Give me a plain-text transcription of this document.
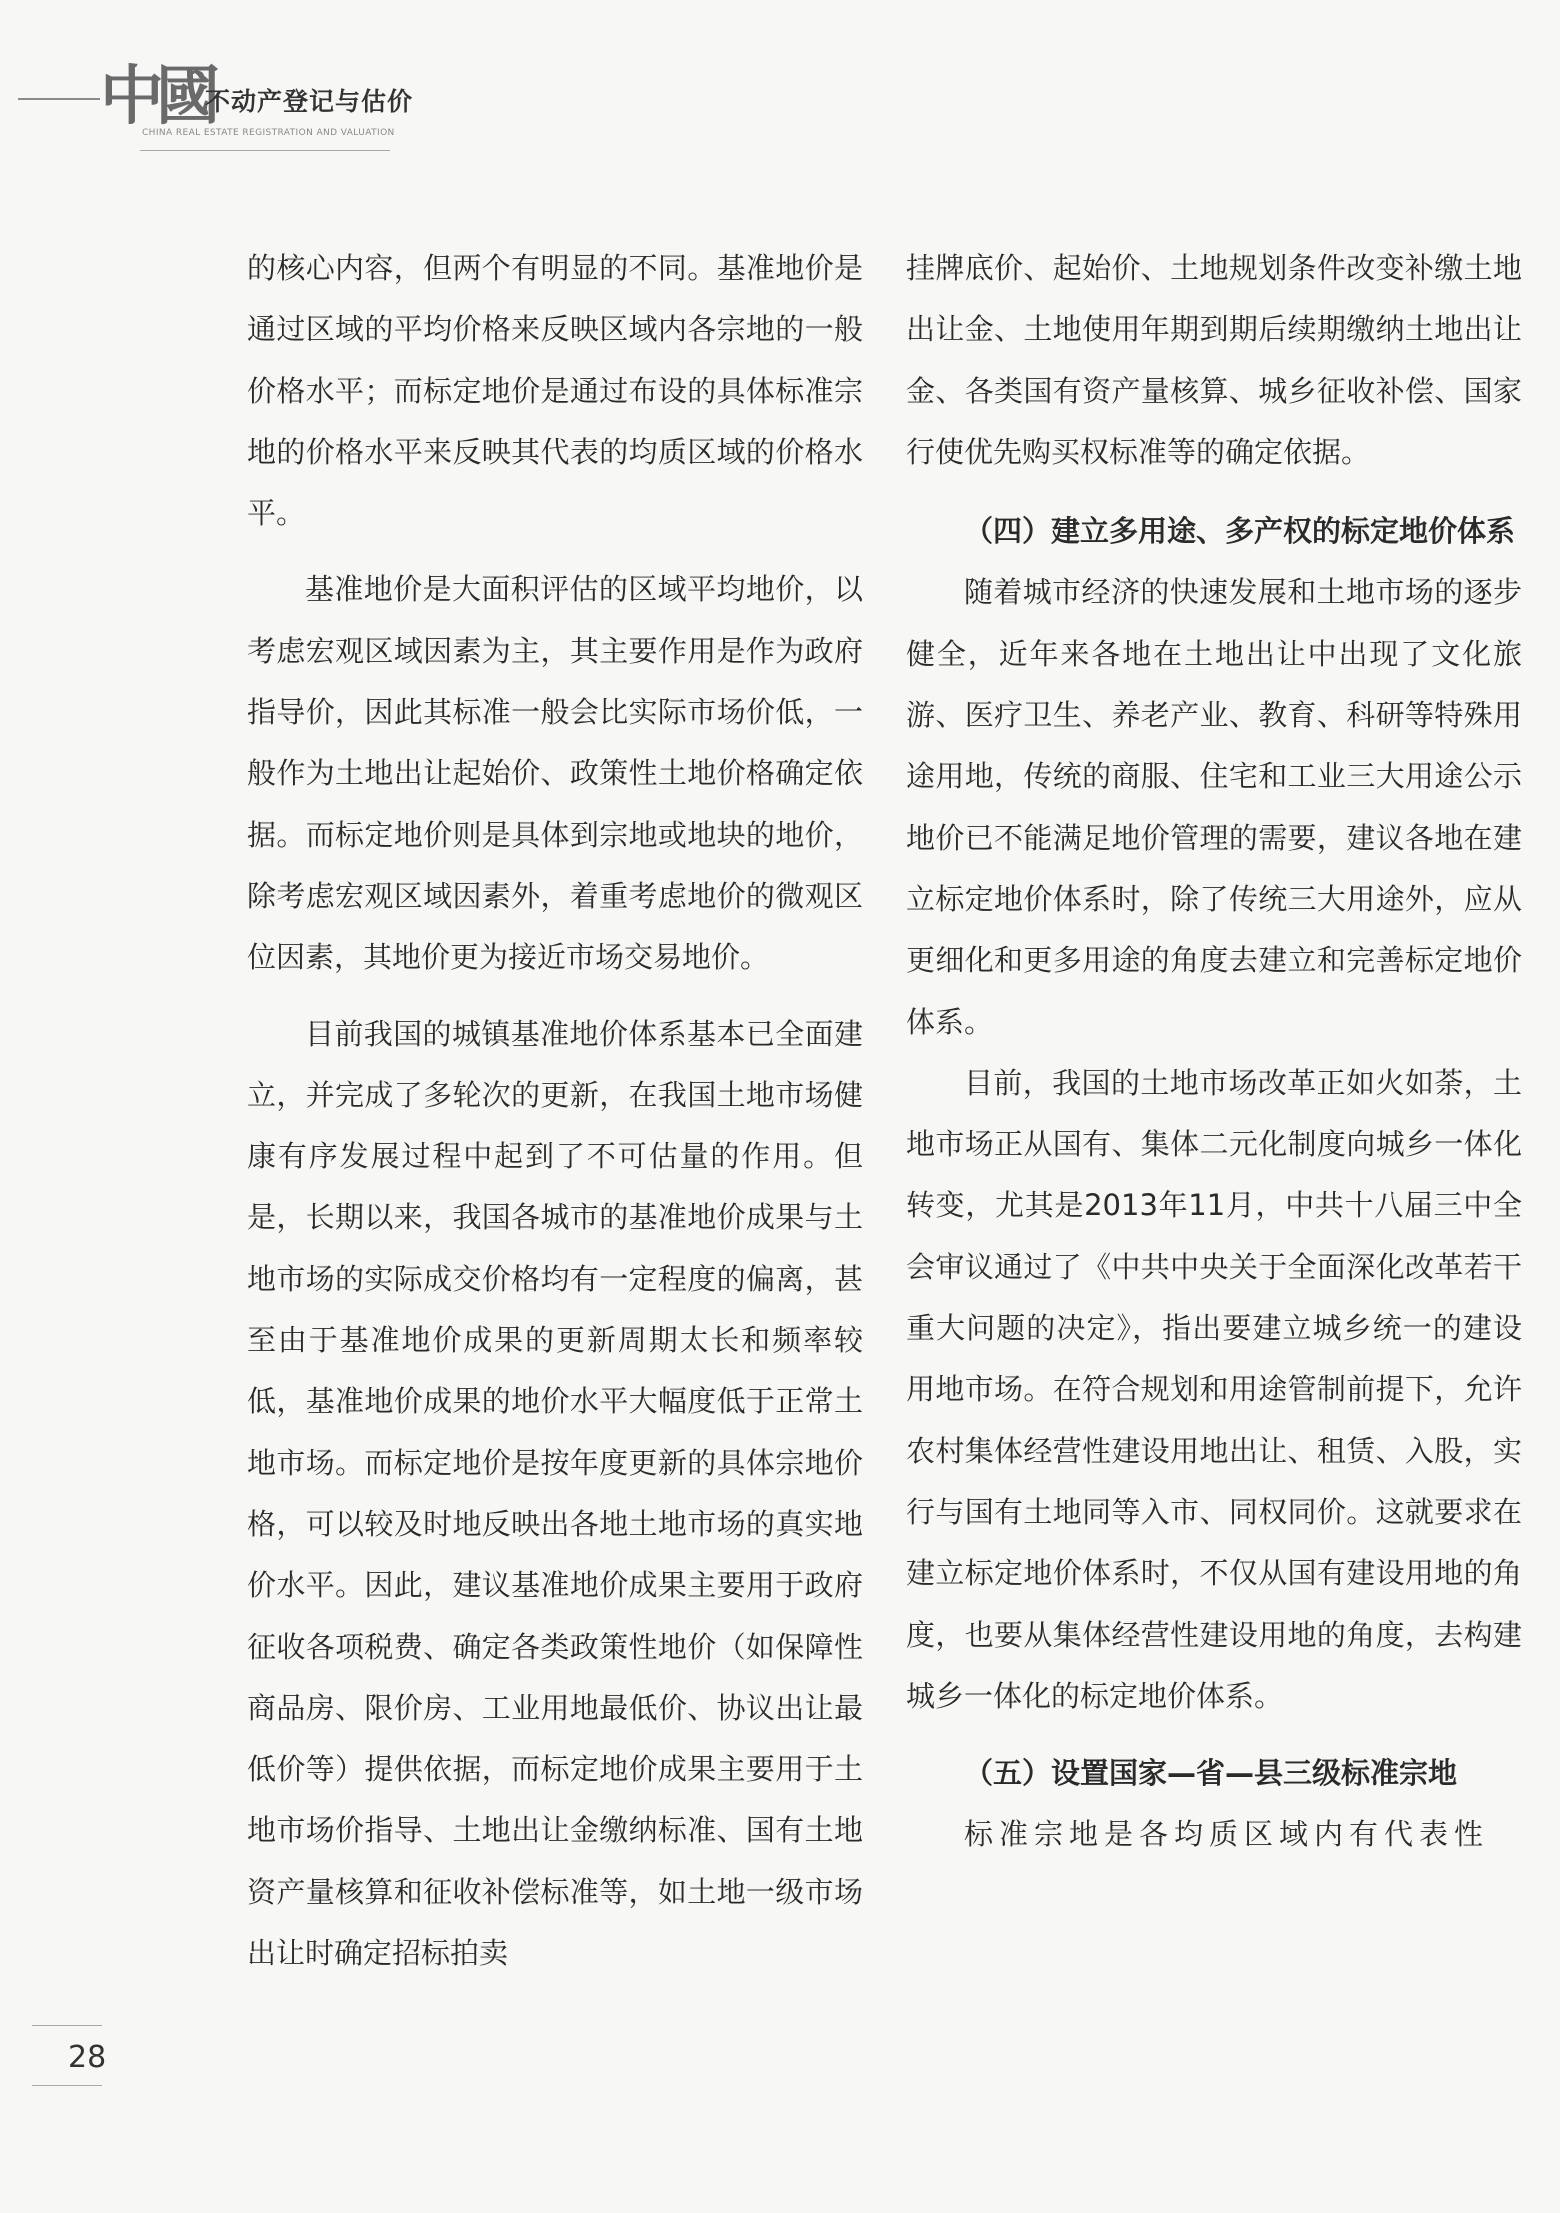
中國
不动产登记与估价
CHINA REAL ESTATE REGISTRATION AND VALUATION

的核心内容，但两个有明显的不同。基准地价是通过区域的平均价格来反映区域内各宗地的一般价格水平；而标定地价是通过布设的具体标准宗地的价格水平来反映其代表的均质区域的价格水平。

基准地价是大面积评估的区域平均地价，以考虑宏观区域因素为主，其主要作用是作为政府指导价，因此其标准一般会比实际市场价低，一般作为土地出让起始价、政策性土地价格确定依据。而标定地价则是具体到宗地或地块的地价，除考虑宏观区域因素外，着重考虑地价的微观区位因素，其地价更为接近市场交易地价。

目前我国的城镇基准地价体系基本已全面建立，并完成了多轮次的更新，在我国土地市场健康有序发展过程中起到了不可估量的作用。但是，长期以来，我国各城市的基准地价成果与土地市场的实际成交价格均有一定程度的偏离，甚至由于基准地价成果的更新周期太长和频率较低，基准地价成果的地价水平大幅度低于正常土地市场。而标定地价是按年度更新的具体宗地价格，可以较及时地反映出各地土地市场的真实地价水平。因此，建议基准地价成果主要用于政府征收各项税费、确定各类政策性地价（如保障性商品房、限价房、工业用地最低价、协议出让最低价等）提供依据，而标定地价成果主要用于土地市场价指导、土地出让金缴纳标准、国有土地资产量核算和征收补偿标准等，如土地一级市场出让时确定招标拍卖

挂牌底价、起始价、土地规划条件改变补缴土地出让金、土地使用年期到期后续期缴纳土地出让金、各类国有资产量核算、城乡征收补偿、国家行使优先购买权标准等的确定依据。

（四）建立多用途、多产权的标定地价体系

随着城市经济的快速发展和土地市场的逐步健全，近年来各地在土地出让中出现了文化旅游、医疗卫生、养老产业、教育、科研等特殊用途用地，传统的商服、住宅和工业三大用途公示地价已不能满足地价管理的需要，建议各地在建立标定地价体系时，除了传统三大用途外，应从更细化和更多用途的角度去建立和完善标定地价体系。

目前，我国的土地市场改革正如火如荼，土地市场正从国有、集体二元化制度向城乡一体化转变，尤其是2013年11月，中共十八届三中全会审议通过了《中共中央关于全面深化改革若干重大问题的决定》，指出要建立城乡统一的建设用地市场。在符合规划和用途管制前提下，允许农村集体经营性建设用地出让、租赁、入股，实行与国有土地同等入市、同权同价。这就要求在建立标定地价体系时，不仅从国有建设用地的角度，也要从集体经营性建设用地的角度，去构建城乡一体化的标定地价体系。

（五）设置国家—省—县三级标准宗地

标准宗地是各均质区域内有代表性

28
